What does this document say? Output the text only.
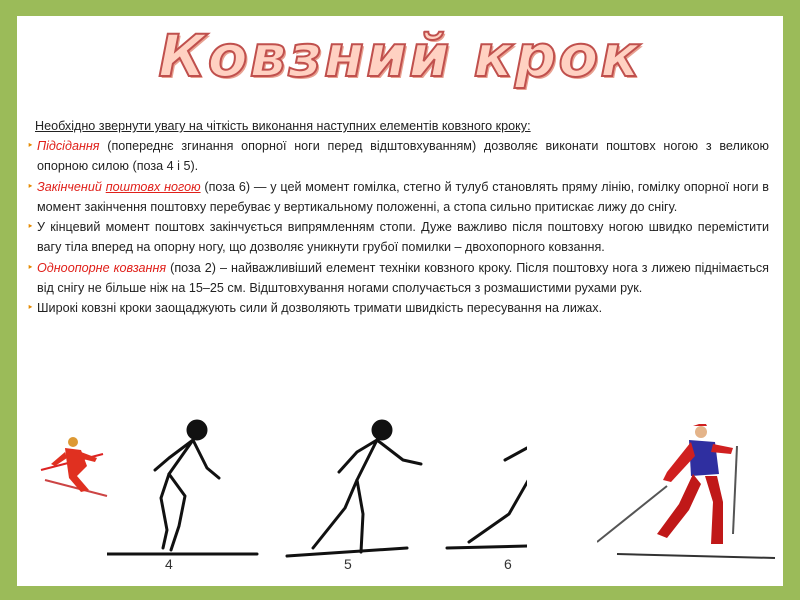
Ковзний крок
Необхідно звернути увагу на чіткість виконання наступних елементів ковзного кроку:
‣ Підсідання (попереднє згинання опорної ноги перед відштовхуванням) дозволяє виконати поштовх ногою з великою опорною силою (поза 4 і 5).
‣ Закінчений поштовх ногою (поза 6) — у цей момент гомілка, стегно й тулуб становлять пряму лінію, гомілку опорної ноги в момент закінчення поштовху перебуває у вертикальному положенні, а стопа сильно притискає лижу до снігу.
‣ У кінцевий момент поштовх закінчується випрямленням стопи. Дуже важливо після поштовху ногою швидко перемістити вагу тіла вперед на опорну ногу, що дозволяє уникнути грубої помилки – двохопорного ковзання.
‣ Одноопорне ковзання (поза 2) – найважливіший елемент техніки ковзного кроку. Після поштовху нога з лижею піднімається від снігу не більше ніж на 15–25 см. Відштовхування ногами сполучається з розмашистими рухами рук.
‣ Широкі ковзні кроки заощаджують сили й дозволяють тримати швидкість пересування на лижах.
4	5	6
